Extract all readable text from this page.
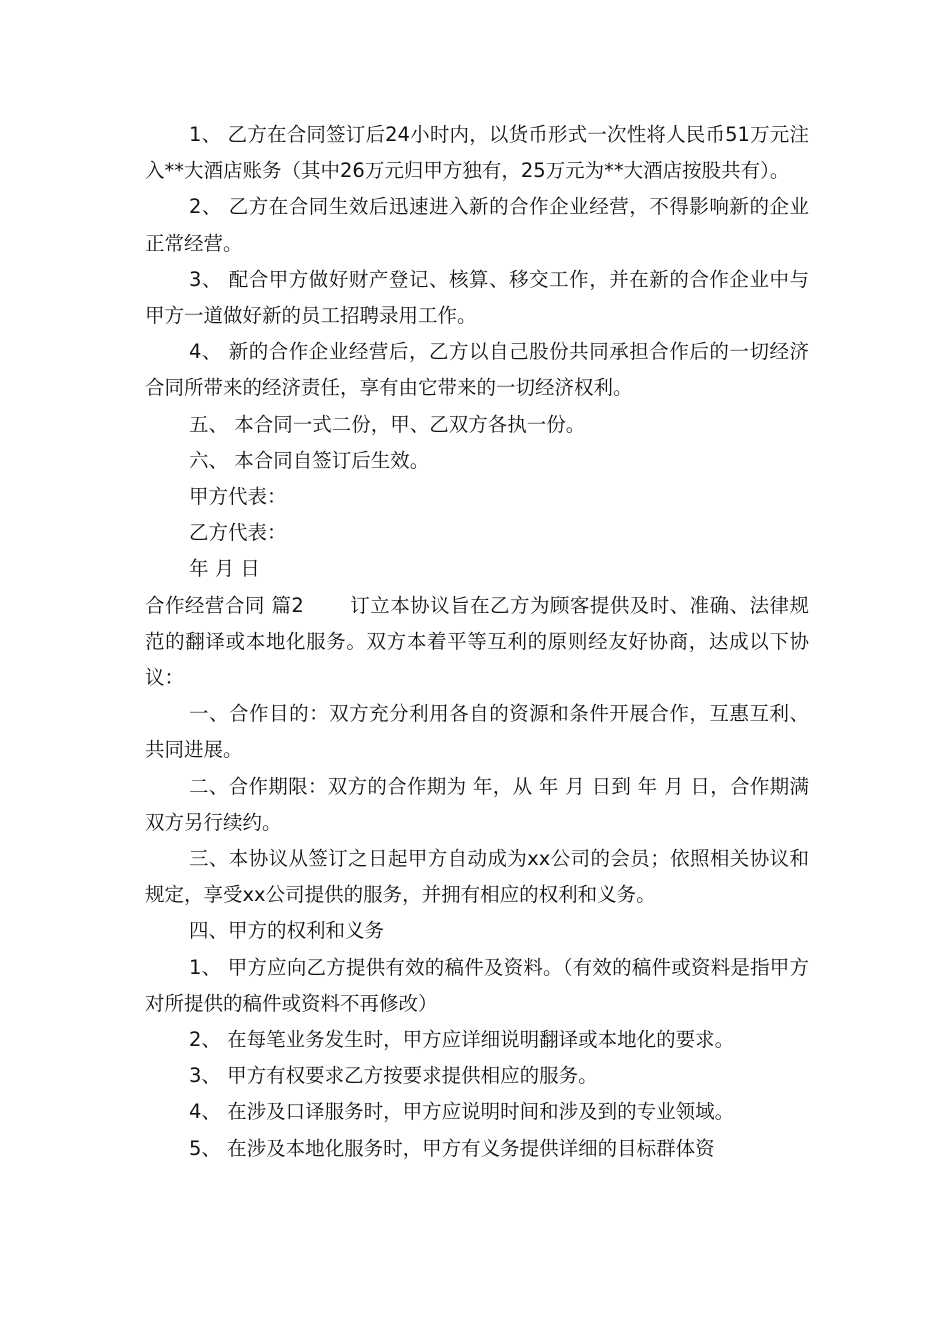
1、 乙方在合同签订后24小时内，以货币形式一次性将人民币51万元注入**大酒店账务（其中26万元归甲方独有，25万元为**大酒店按股共有）。

2、 乙方在合同生效后迅速进入新的合作企业经营，不得影响新的企业正常经营。

3、 配合甲方做好财产登记、核算、移交工作，并在新的合作企业中与甲方一道做好新的员工招聘录用工作。

4、 新的合作企业经营后，乙方以自己股份共同承担合作后的一切经济合同所带来的经济责任，享有由它带来的一切经济权利。

五、 本合同一式二份，甲、乙双方各执一份。

六、 本合同自签订后生效。

甲方代表：

乙方代表：

年 月 日

合作经营合同 篇2 订立本协议旨在乙方为顾客提供及时、准确、法律规范的翻译或本地化服务。双方本着平等互利的原则经友好协商，达成以下协议：

一、合作目的：双方充分利用各自的资源和条件开展合作，互惠互利、共同进展。

二、合作期限：双方的合作期为 年，从 年 月 日到 年 月 日，合作期满双方另行续约。

三、本协议从签订之日起甲方自动成为xx公司的会员；依照相关协议和规定，享受xx公司提供的服务，并拥有相应的权利和义务。

四、甲方的权利和义务

1、 甲方应向乙方提供有效的稿件及资料。（有效的稿件或资料是指甲方对所提供的稿件或资料不再修改）

2、 在每笔业务发生时，甲方应详细说明翻译或本地化的要求。

3、 甲方有权要求乙方按要求提供相应的服务。

4、 在涉及口译服务时，甲方应说明时间和涉及到的专业领域。

5、 在涉及本地化服务时，甲方有义务提供详细的目标群体资
